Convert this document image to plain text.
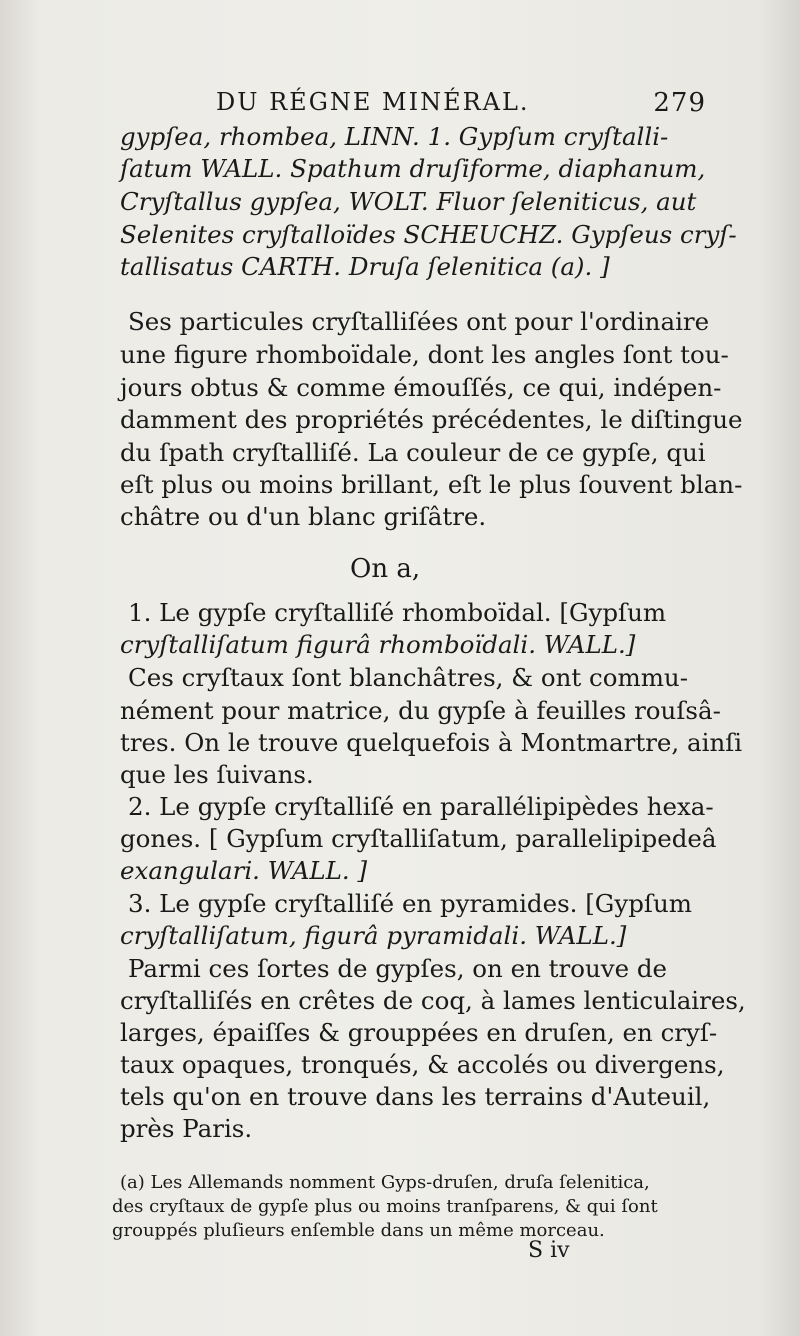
DU RÉGNE MINÉRAL.	279
gypſea, rhombea, LINN. 1. Gypſum cryſtalli-
ſatum WALL. Spathum druſiforme, diaphanum,
Cryſtallus gypſea, WOLT. Fluor ſeleniticus, aut
Selenites cryſtalloïdes SCHEUCHZ. Gypſeus cryſ-
tallisatus CARTH. Druſa ſelenitica (a). ]
Ses particules cryſtalliſées ont pour l'ordinaire
une figure rhomboïdale, dont les angles ſont tou-
jours obtus & comme émouſſés, ce qui, indépen-
damment des propriétés précédentes, le diſtingue
du ſpath cryſtalliſé. La couleur de ce gypſe, qui
eſt plus ou moins brillant, eſt le plus ſouvent blan-
châtre ou d'un blanc griſâtre.
On a,
1. Le gypſe cryſtalliſé rhomboïdal. [Gypſum
cryſtalliſatum figurâ rhomboïdali. WALL.]
Ces cryſtaux ſont blanchâtres, & ont commu-
nément pour matrice, du gypſe à feuilles rouſsâ-
tres. On le trouve quelquefois à Montmartre, ainſi
que les ſuivans.
2. Le gypſe cryſtalliſé en parallélipipèdes hexa-
gones. [ Gypſum cryſtalliſatum, parallelipipedeâ
exangulari. WALL. ]
3. Le gypſe cryſtalliſé en pyramides. [Gypſum
cryſtalliſatum, figurâ pyramidali. WALL.]
Parmi ces ſortes de gypſes, on en trouve de
cryſtalliſés en crêtes de coq, à lames lenticulaires,
larges, épaiſſes & grouppées en druſen, en cryſ-
taux opaques, tronqués, & accolés ou divergens,
tels qu'on en trouve dans les terrains d'Auteuil,
près Paris.
(a) Les Allemands nomment Gyps-druſen, druſa ſelenitica,
des cryſtaux de gypſe plus ou moins tranſparens, & qui ſont
grouppés pluſieurs enſemble dans un même morceau.
S iv
